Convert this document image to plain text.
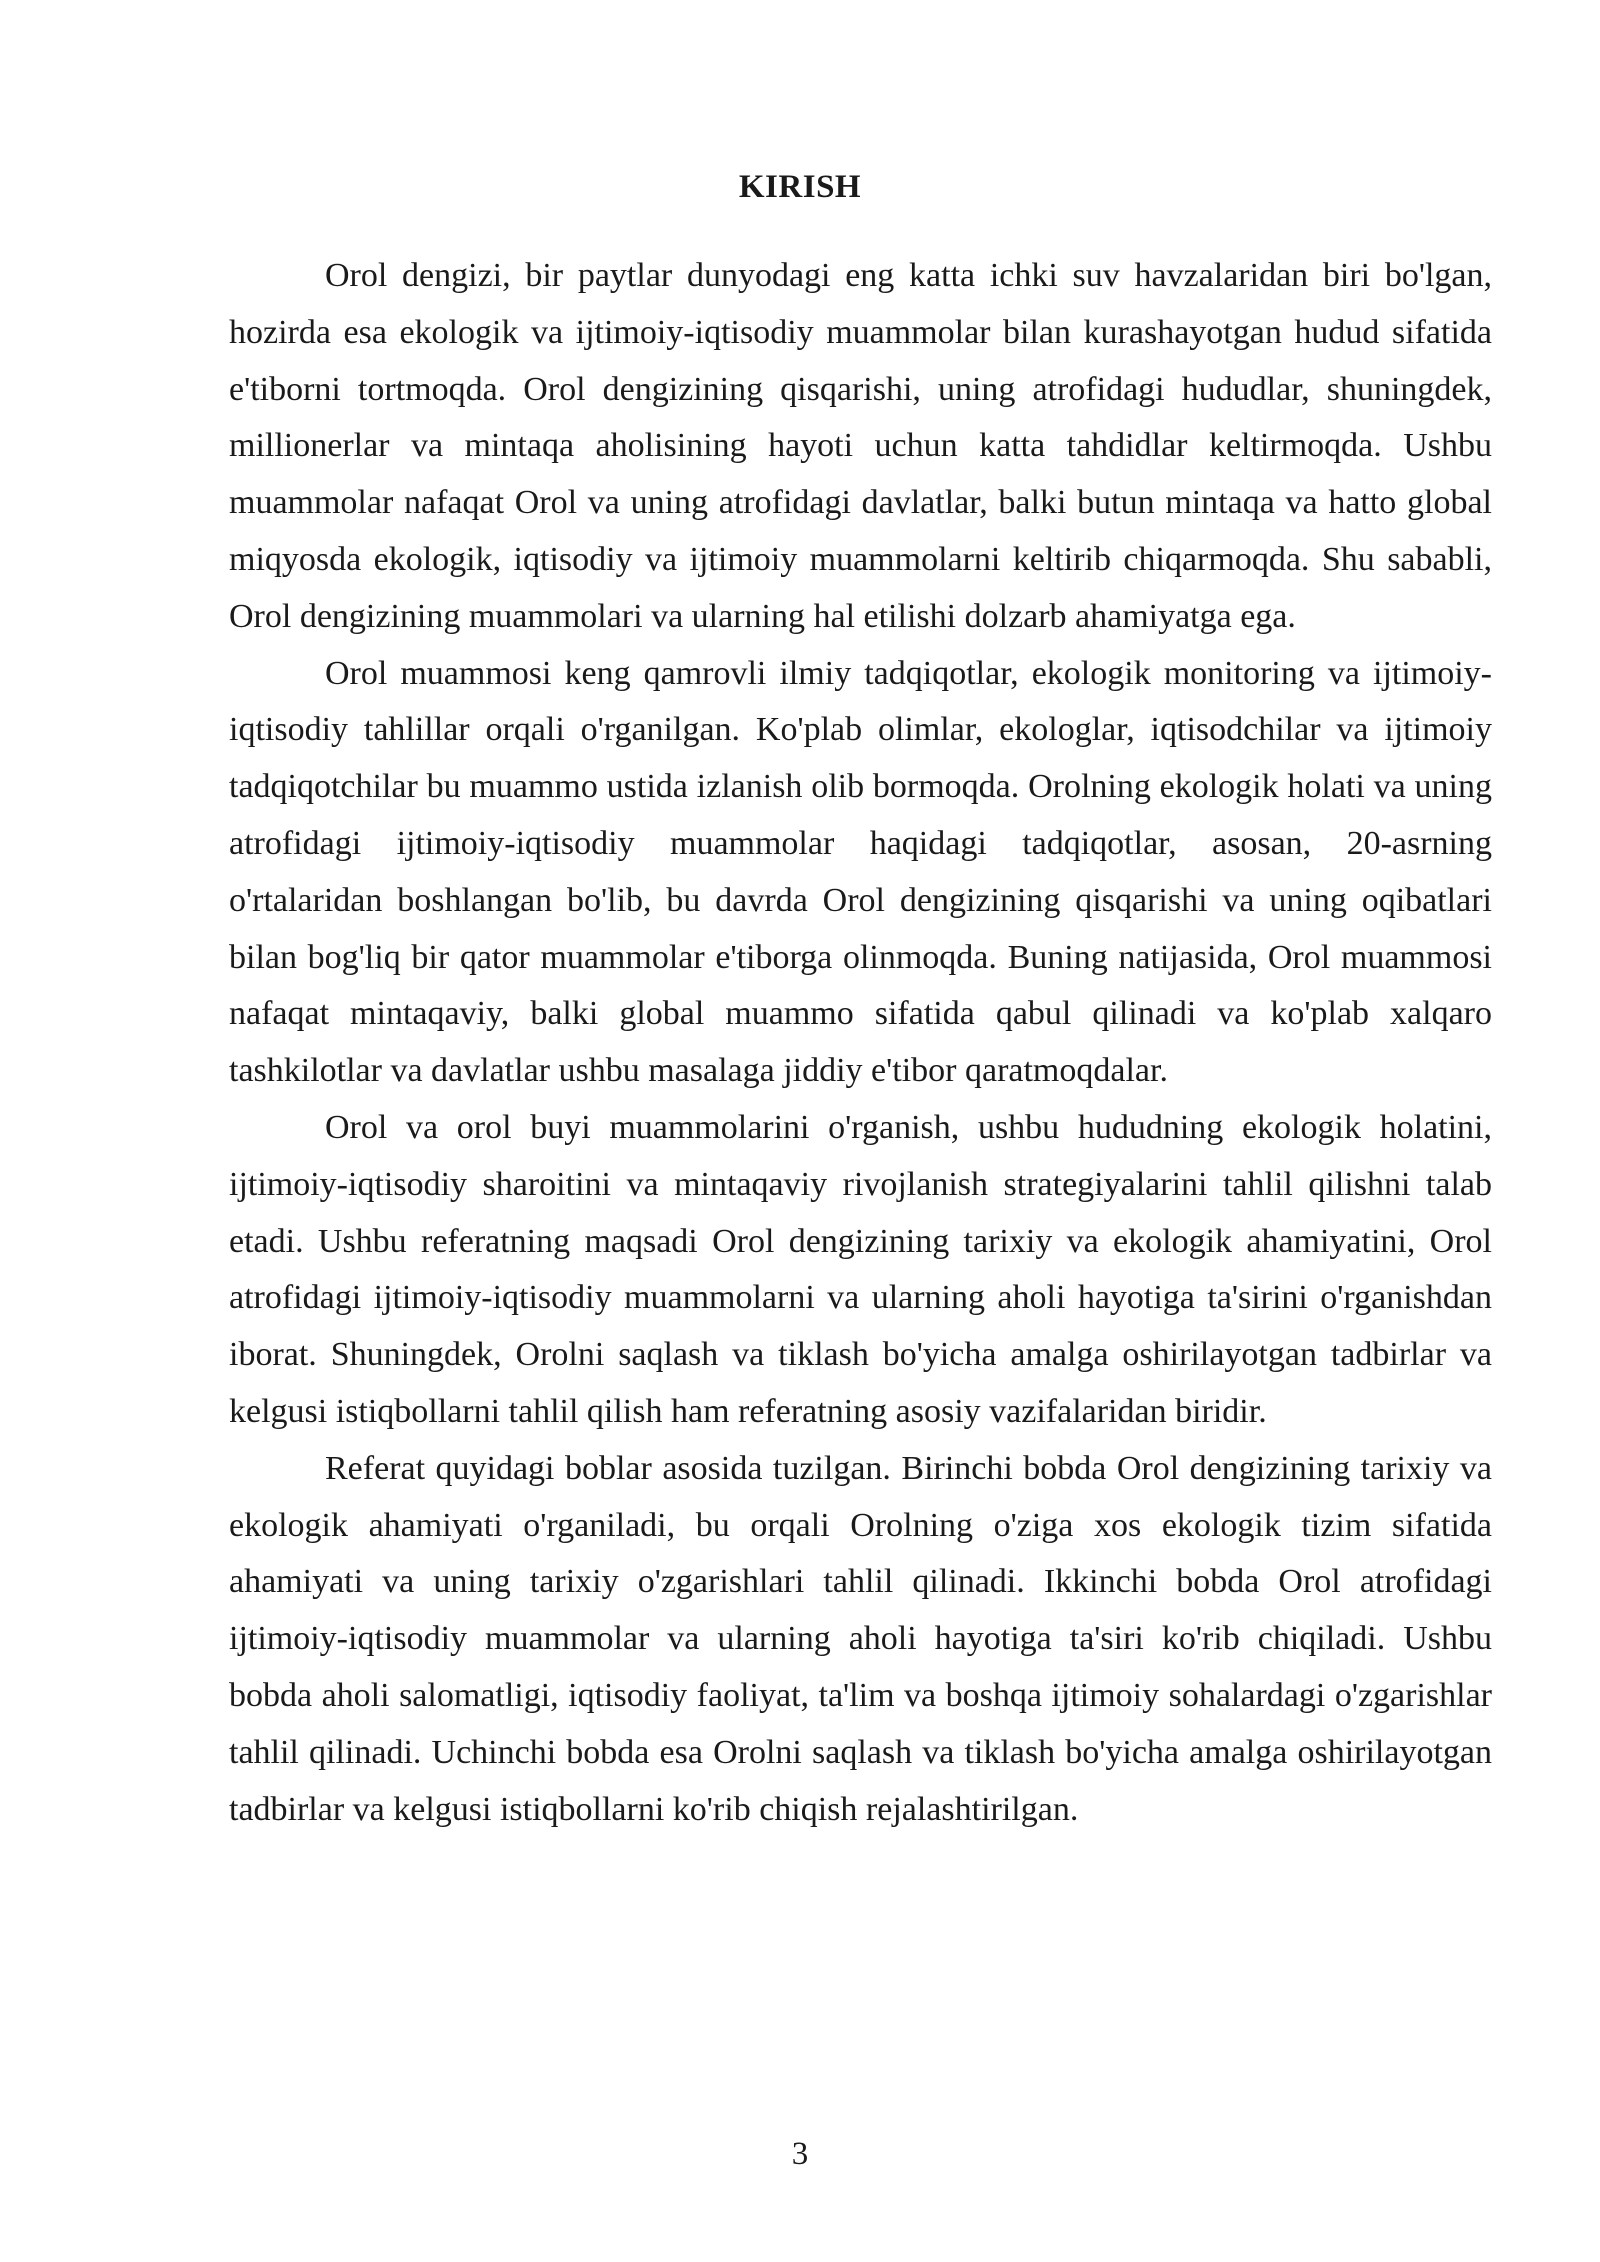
KIRISH

Orol dengizi, bir paytlar dunyodagi eng katta ichki suv havzalaridan biri bo'lgan, hozirda esa ekologik va ijtimoiy-iqtisodiy muammolar bilan kurashayotgan hudud sifatida e'tiborni tortmoqda. Orol dengizining qisqarishi, uning atrofidagi hududlar, shuningdek, millionerlar va mintaqa aholisining hayoti uchun katta tahdidlar keltirmoqda. Ushbu muammolar nafaqat Orol va uning atrofidagi davlatlar, balki butun mintaqa va hatto global miqyosda ekologik, iqtisodiy va ijtimoiy muammolarni keltirib chiqarmoqda. Shu sababli, Orol dengizining muammolari va ularning hal etilishi dolzarb ahamiyatga ega.

Orol muammosi keng qamrovli ilmiy tadqiqotlar, ekologik monitoring va ijtimoiy-iqtisodiy tahlillar orqali o'rganilgan. Ko'plab olimlar, ekologlar, iqtisodchilar va ijtimoiy tadqiqotchilar bu muammo ustida izlanish olib bormoqda. Orolning ekologik holati va uning atrofidagi ijtimoiy-iqtisodiy muammolar haqidagi tadqiqotlar, asosan, 20-asrning o'rtalaridan boshlangan bo'lib, bu davrda Orol dengizining qisqarishi va uning oqibatlari bilan bog'liq bir qator muammolar e'tiborga olinmoqda. Buning natijasida, Orol muammosi nafaqat mintaqaviy, balki global muammo sifatida qabul qilinadi va ko'plab xalqaro tashkilotlar va davlatlar ushbu masalaga jiddiy e'tibor qaratmoqdalar.

Orol va orol buyi muammolarini o'rganish, ushbu hududning ekologik holatini, ijtimoiy-iqtisodiy sharoitini va mintaqaviy rivojlanish strategiyalarini tahlil qilishni talab etadi. Ushbu referatning maqsadi Orol dengizining tarixiy va ekologik ahamiyatini, Orol atrofidagi ijtimoiy-iqtisodiy muammolarni va ularning aholi hayotiga ta'sirini o'rganishdan iborat. Shuningdek, Orolni saqlash va tiklash bo'yicha amalga oshirilayotgan tadbirlar va kelgusi istiqbollarni tahlil qilish ham referatning asosiy vazifalaridan biridir.

Referat quyidagi boblar asosida tuzilgan. Birinchi bobda Orol dengizining tarixiy va ekologik ahamiyati o'rganiladi, bu orqali Orolning o'ziga xos ekologik tizim sifatida ahamiyati va uning tarixiy o'zgarishlari tahlil qilinadi. Ikkinchi bobda Orol atrofidagi ijtimoiy-iqtisodiy muammolar va ularning aholi hayotiga ta'siri ko'rib chiqiladi. Ushbu bobda aholi salomatligi, iqtisodiy faoliyat, ta'lim va boshqa ijtimoiy sohalardagi o'zgarishlar tahlil qilinadi. Uchinchi bobda esa Orolni saqlash va tiklash bo'yicha amalga oshirilayotgan tadbirlar va kelgusi istiqbollarni ko'rib chiqish rejalashtirilgan.

3
